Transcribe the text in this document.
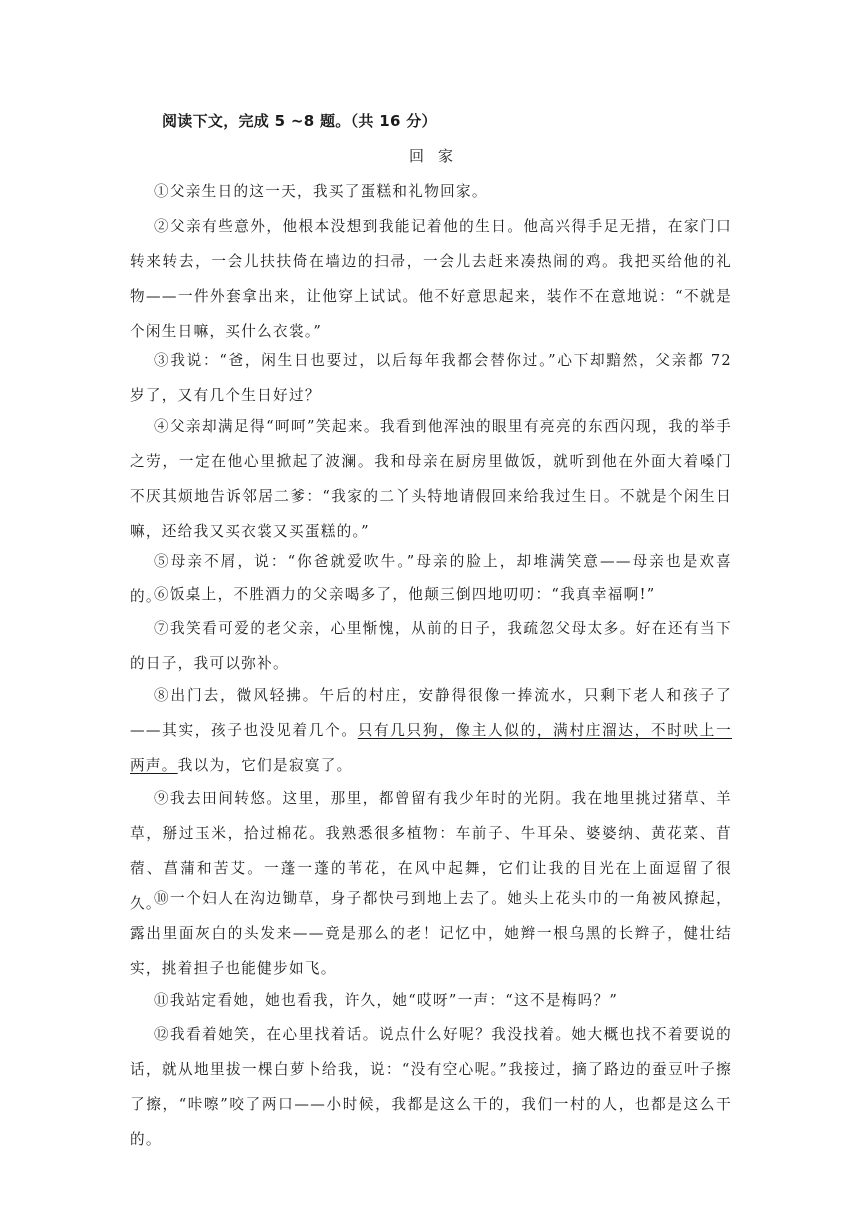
阅读下文，完成 5 ~8 题。（共 16 分）
回家

①父亲生日的这一天，我买了蛋糕和礼物回家。

②父亲有些意外，他根本没想到我能记着他的生日。他高兴得手足无措，在家门口转来转去，一会儿扶扶倚在墙边的扫帚，一会儿去赶来凑热闹的鸡。我把买给他的礼物——一件外套拿出来，让他穿上试试。他不好意思起来，装作不在意地说：“不就是个闲生日嘛，买什么衣裳。”

③我说：“爸，闲生日也要过，以后每年我都会替你过。”心下却黯然，父亲都 72 岁了，又有几个生日好过？

④父亲却满足得“呵呵”笑起来。我看到他浑浊的眼里有亮亮的东西闪现，我的举手之劳，一定在他心里掀起了波澜。我和母亲在厨房里做饭，就听到他在外面大着嗓门不厌其烦地告诉邻居二爹：“我家的二丫头特地请假回来给我过生日。不就是个闲生日嘛，还给我又买衣裳又买蛋糕的。”

⑤母亲不屑，说：“你爸就爱吹牛。”母亲的脸上，却堆满笑意——母亲也是欢喜的。

⑥饭桌上，不胜酒力的父亲喝多了，他颠三倒四地叨叨：“我真幸福啊!”

⑦我笑看可爱的老父亲，心里惭愧，从前的日子，我疏忽父母太多。好在还有当下的日子，我可以弥补。

⑧出门去，微风轻拂。午后的村庄，安静得很像一捧流水，只剩下老人和孩子了——其实，孩子也没见着几个。只有几只狗，像主人似的，满村庄溜达，不时吠上一两声。我以为，它们是寂寞了。

⑨我去田间转悠。这里，那里，都曾留有我少年时的光阴。我在地里挑过猪草、羊草，掰过玉米，拾过棉花。我熟悉很多植物：车前子、牛耳朵、婆婆纳、黄花菜、苜蓿、菖蒲和苦艾。一蓬一蓬的苇花，在风中起舞，它们让我的目光在上面逗留了很久。

⑩一个妇人在沟边锄草，身子都快弓到地上去了。她头上花头巾的一角被风撩起，露出里面灰白的头发来——竟是那么的老！记忆中，她辫一根乌黑的长辫子，健壮结实，挑着担子也能健步如飞。

⑪我站定看她，她也看我，许久，她“哎呀”一声：“这不是梅吗？”

⑫我看着她笑，在心里找着话。说点什么好呢？我没找着。她大概也找不着要说的话，就从地里拔一棵白萝卜给我，说：“没有空心呢。”我接过，摘了路边的蚕豆叶子擦了擦，“咔嚓”咬了两口——小时候，我都是这么干的，我们一村的人，也都是这么干的。
